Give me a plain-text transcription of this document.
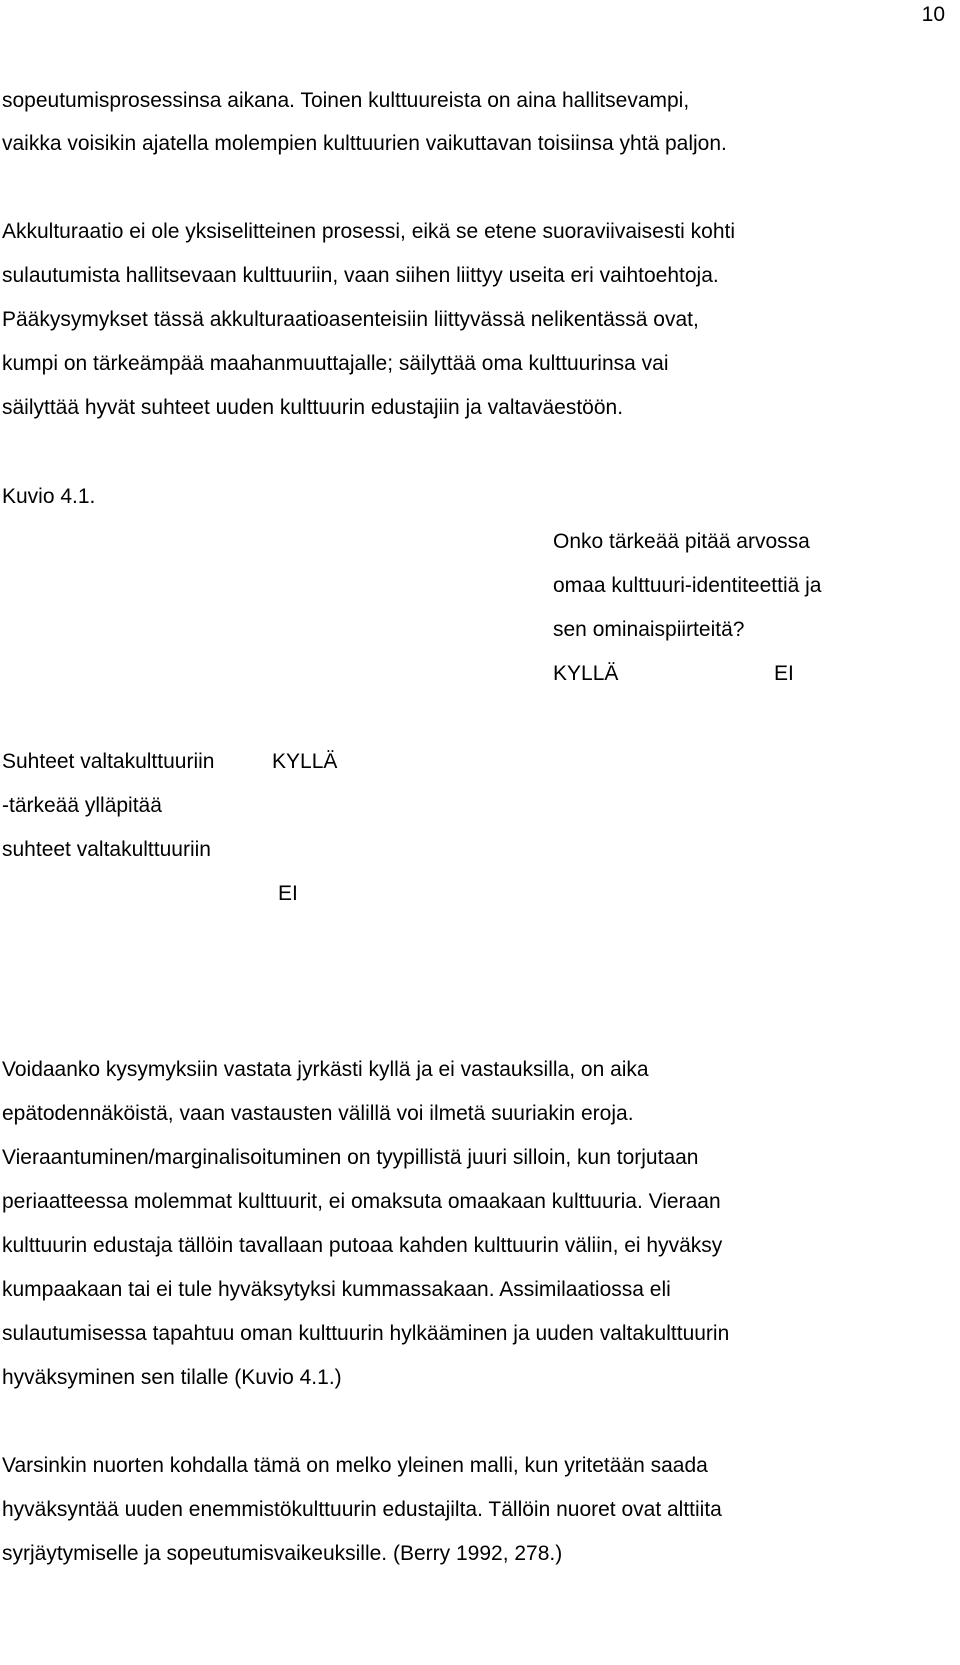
10
sopeutumisprosessinsa aikana. Toinen kulttuureista on aina hallitsevampi,
vaikka voisikin ajatella molempien kulttuurien vaikuttavan toisiinsa yhtä paljon.
Akkulturaatio ei ole yksiselitteinen prosessi, eikä se etene suoraviivaisesti kohti
sulautumista hallitsevaan kulttuuriin, vaan siihen liittyy useita eri vaihtoehtoja.
Pääkysymykset tässä akkulturaatioasenteisiin liittyvässä nelikentässä ovat,
kumpi on tärkeämpää maahanmuuttajalle; säilyttää oma kulttuurinsa vai
säilyttää hyvät suhteet uuden kulttuurin edustajiin ja valtaväestöön.
Kuvio 4.1.
Onko tärkeää pitää arvossa
omaa kulttuuri-identiteettiä ja
sen ominaispiirteitä?
KYLLÄ	EI
Suhteet valtakulttuuriin	KYLLÄ
-tärkeää ylläpitää
suhteet valtakulttuuriin
EI
Voidaanko kysymyksiin vastata jyrkästi kyllä ja ei vastauksilla, on aika
epätodennäköistä, vaan vastausten välillä voi ilmetä suuriakin eroja.
Vieraantuminen/marginalisoituminen on tyypillistä juuri silloin, kun torjutaan
periaatteessa molemmat kulttuurit, ei omaksuta omaakaan kulttuuria. Vieraan
kulttuurin edustaja tällöin tavallaan putoaa kahden kulttuurin väliin, ei hyväksy
kumpaakaan tai ei tule hyväksytyksi kummassakaan. Assimilaatiossa eli
sulautumisessa tapahtuu oman kulttuurin hylkääminen ja uuden valtakulttuurin
hyväksyminen sen tilalle (Kuvio 4.1.)
Varsinkin nuorten kohdalla tämä on melko yleinen malli, kun yritetään saada
hyväksyntää uuden enemmistökulttuurin edustajilta. Tällöin nuoret ovat alttiita
syrjäytymiselle ja sopeutumisvaikeuksille. (Berry 1992, 278.)
